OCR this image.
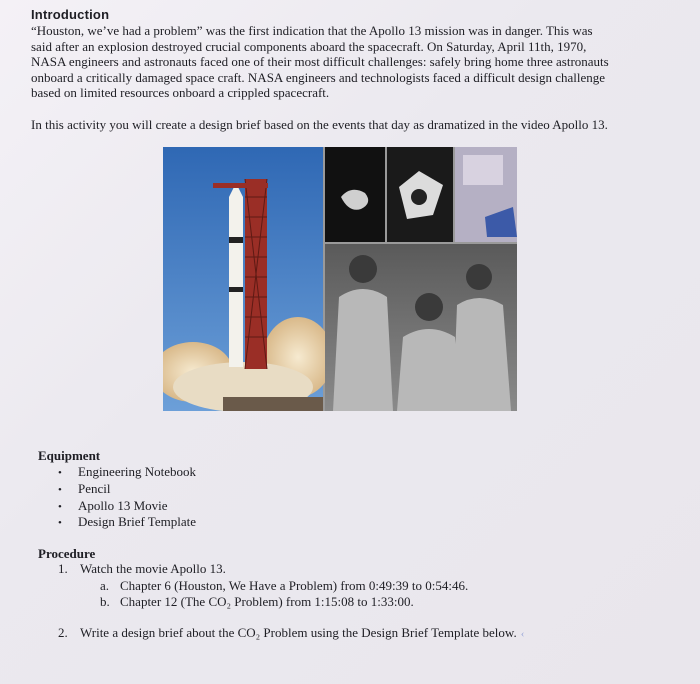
Introduction
“Houston, we’ve had a problem” was the first indication that the Apollo 13 mission was in danger. This was
said after an explosion destroyed crucial components aboard the spacecraft. On Saturday, April 11th, 1970,
NASA engineers and astronauts faced one of their most difficult challenges: safely bring home three astronauts
onboard a critically damaged space craft. NASA engineers and technologists faced a difficult design challenge
based on limited resources onboard a crippled spacecraft.
In this activity you will create a design brief based on the events that day as dramatized in the video Apollo 13.
Equipment
• Engineering Notebook
• Pencil
• Apollo 13 Movie
• Design Brief Template
Procedure
1. Watch the movie Apollo 13.
a. Chapter 6 (Houston, We Have a Problem) from 0:49:39 to 0:54:46.
b. Chapter 12 (The CO₂ Problem) from 1:15:08 to 1:33:00.
2. Write a design brief about the CO₂ Problem using the Design Brief Template below. ‹
